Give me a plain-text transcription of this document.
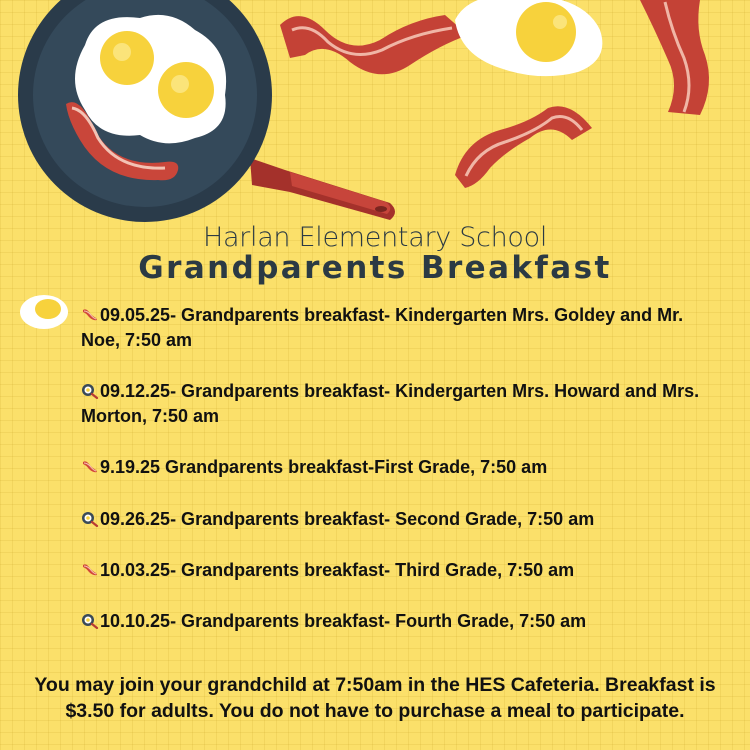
Harlan Elementary School
Grandparents Breakfast
09.05.25- Grandparents breakfast- Kindergarten Mrs. Goldey and Mr. Noe, 7:50 am
09.12.25- Grandparents breakfast- Kindergarten Mrs. Howard and Mrs. Morton, 7:50 am
9.19.25 Grandparents breakfast-First Grade, 7:50 am
09.26.25- Grandparents breakfast- Second Grade, 7:50 am
10.03.25- Grandparents breakfast- Third Grade, 7:50 am
10.10.25- Grandparents breakfast- Fourth Grade, 7:50 am
You may join your grandchild at 7:50am in the HES Cafeteria. Breakfast is $3.50 for adults. You do not have to purchase a meal to participate.
